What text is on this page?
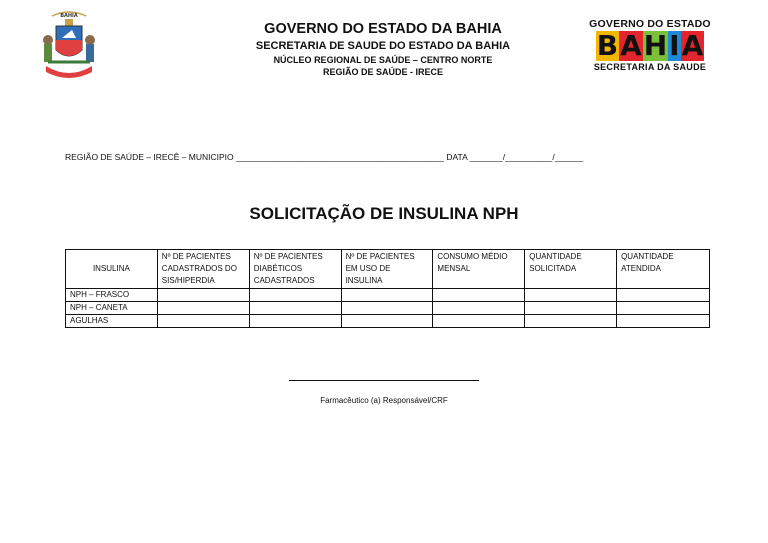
BAHIA
GOVERNO DO ESTADO DA BAHIA
SECRETARIA DE SAUDE DO ESTADO DA BAHIA
NÚCLEO REGIONAL DE SAÚDE – CENTRO NORTE
REGIÃO DE SAÚDE - IRECE
GOVERNO DO ESTADO
B A H I A
SECRETARIA DA SAUDE
REGIÃO DE SAÚDE – IRECÊ – MUNICIPIO ____________________________________________ DATA _______/__________/______
SOLICITAÇÃO DE INSULINA NPH
INSULINA	Nº DE PACIENTES CADASTRADOS DO SIS/HIPERDIA	Nº DE PACIENTES DIABÉTICOS CADASTRADOS	Nº DE PACIENTES EM USO DE INSULINA	CONSUMO MÉDIO MENSAL	QUANTIDADE SOLICITADA	QUANTIDADE ATENDIDA
NPH – FRASCO						
NPH – CANETA						
AGULHAS						
Farmacêutico (a) Responsável/CRF
